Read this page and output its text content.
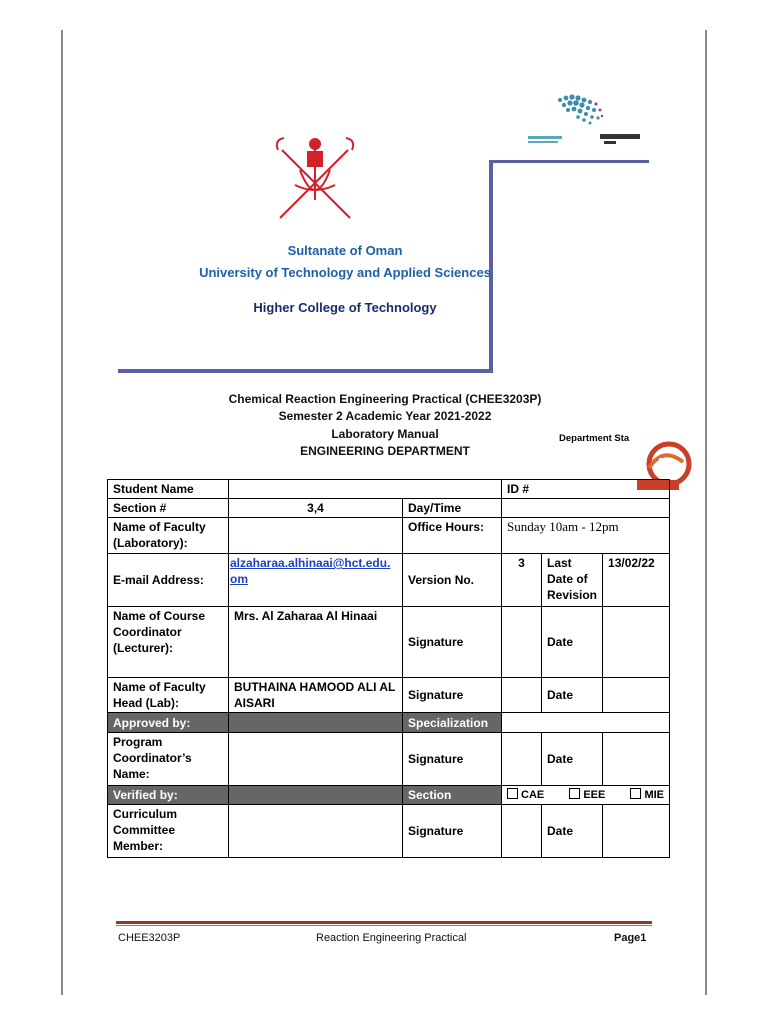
Sultanate of Oman
University of Technology and Applied Sciences
Higher College of Technology
Chemical Reaction Engineering Practical (CHEE3203P)
Semester 2 Academic Year 2021-2022
Laboratory Manual
ENGINEERING DEPARTMENT
Department Sta
Student Name			ID #		
Section #	3,4	Day/Time			
Name of Faculty (Laboratory):		Office Hours:	Sunday 10am - 12pm		
E-mail Address:	alzaharaa.alhinaai@hct.edu.om	Version No.	3	Last Date of Revision	13/02/22
Name of Course Coordinator (Lecturer):	Mrs. Al Zaharaa Al Hinaai	Signature		Date	
Name of Faculty Head (Lab):	BUTHAINA HAMOOD ALI AL AISARI	Signature		Date	
Approved by:		Specialization			
Program Coordinator’s Name:		Signature		Date	
Verified by:		Section	CAE EEE MIE		

Curriculum Committee Member:		Signature		Date	
CHEE3203P	Reaction Engineering Practical	Page1
